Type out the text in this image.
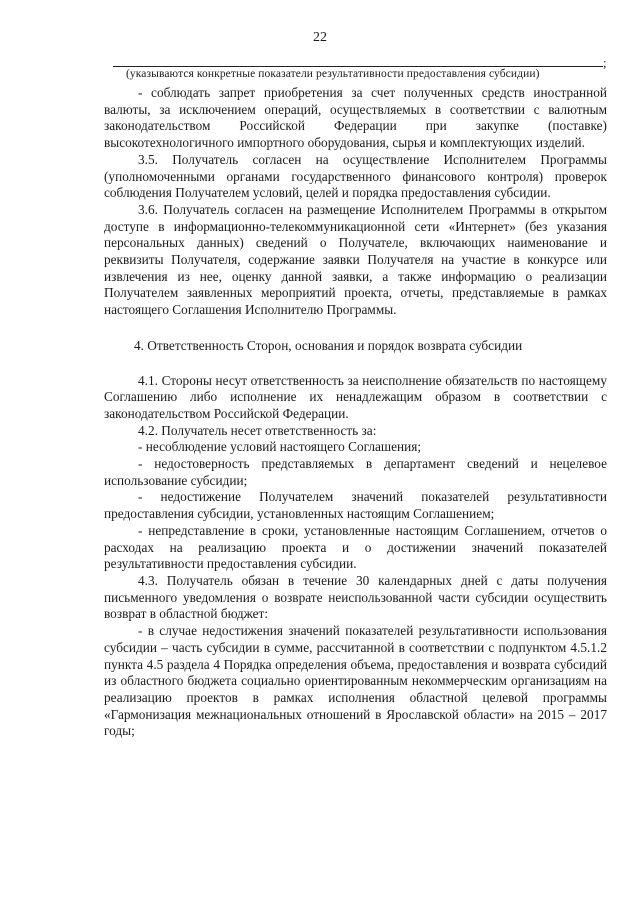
22
;
(указываются конкретные показатели результативности предоставления субсидии)

- соблюдать запрет приобретения за счет полученных средств иностранной валюты, за исключением операций, осуществляемых в соответствии с валютным законодательством Российской Федерации при закупке (поставке) высокотехнологичного импортного оборудования, сырья и комплектующих изделий.

3.5. Получатель согласен на осуществление Исполнителем Программы (уполномоченными органами государственного финансового контроля) проверок соблюдения Получателем условий, целей и порядка предоставления субсидии.

3.6. Получатель согласен на размещение Исполнителем Программы в открытом доступе в информационно-телекоммуникационной сети «Интернет» (без указания персональных данных) сведений о Получателе, включающих наименование и реквизиты Получателя, содержание заявки Получателя на участие в конкурсе или извлечения из нее, оценку данной заявки, а также информацию о реализации Получателем заявленных мероприятий проекта, отчеты, представляемые в рамках настоящего Соглашения Исполнителю Программы.

4. Ответственность Сторон, основания и порядок возврата субсидии

4.1. Стороны несут ответственность за неисполнение обязательств по настоящему Соглашению либо исполнение их ненадлежащим образом в соответствии с законодательством Российской Федерации.

4.2. Получатель несет ответственность за:

- несоблюдение условий настоящего Соглашения;

- недостоверность представляемых в департамент сведений и нецелевое использование субсидии;

- недостижение Получателем значений показателей результативности предоставления субсидии, установленных настоящим Соглашением;

- непредставление в сроки, установленные настоящим Соглашением, отчетов о расходах на реализацию проекта и о достижении значений показателей результативности предоставления субсидии.

4.3. Получатель обязан в течение 30 календарных дней с даты получения письменного уведомления о возврате неиспользованной части субсидии осуществить возврат в областной бюджет:

- в случае недостижения значений показателей результативности использования субсидии – часть субсидии в сумме, рассчитанной в соответствии с подпунктом 4.5.1.2 пункта 4.5 раздела 4 Порядка определения объема, предоставления и возврата субсидий из областного бюджета социально ориентированным некоммерческим организациям на реализацию проектов в рамках исполнения областной целевой программы «Гармонизация межнациональных отношений в Ярославской области» на 2015 – 2017 годы;
